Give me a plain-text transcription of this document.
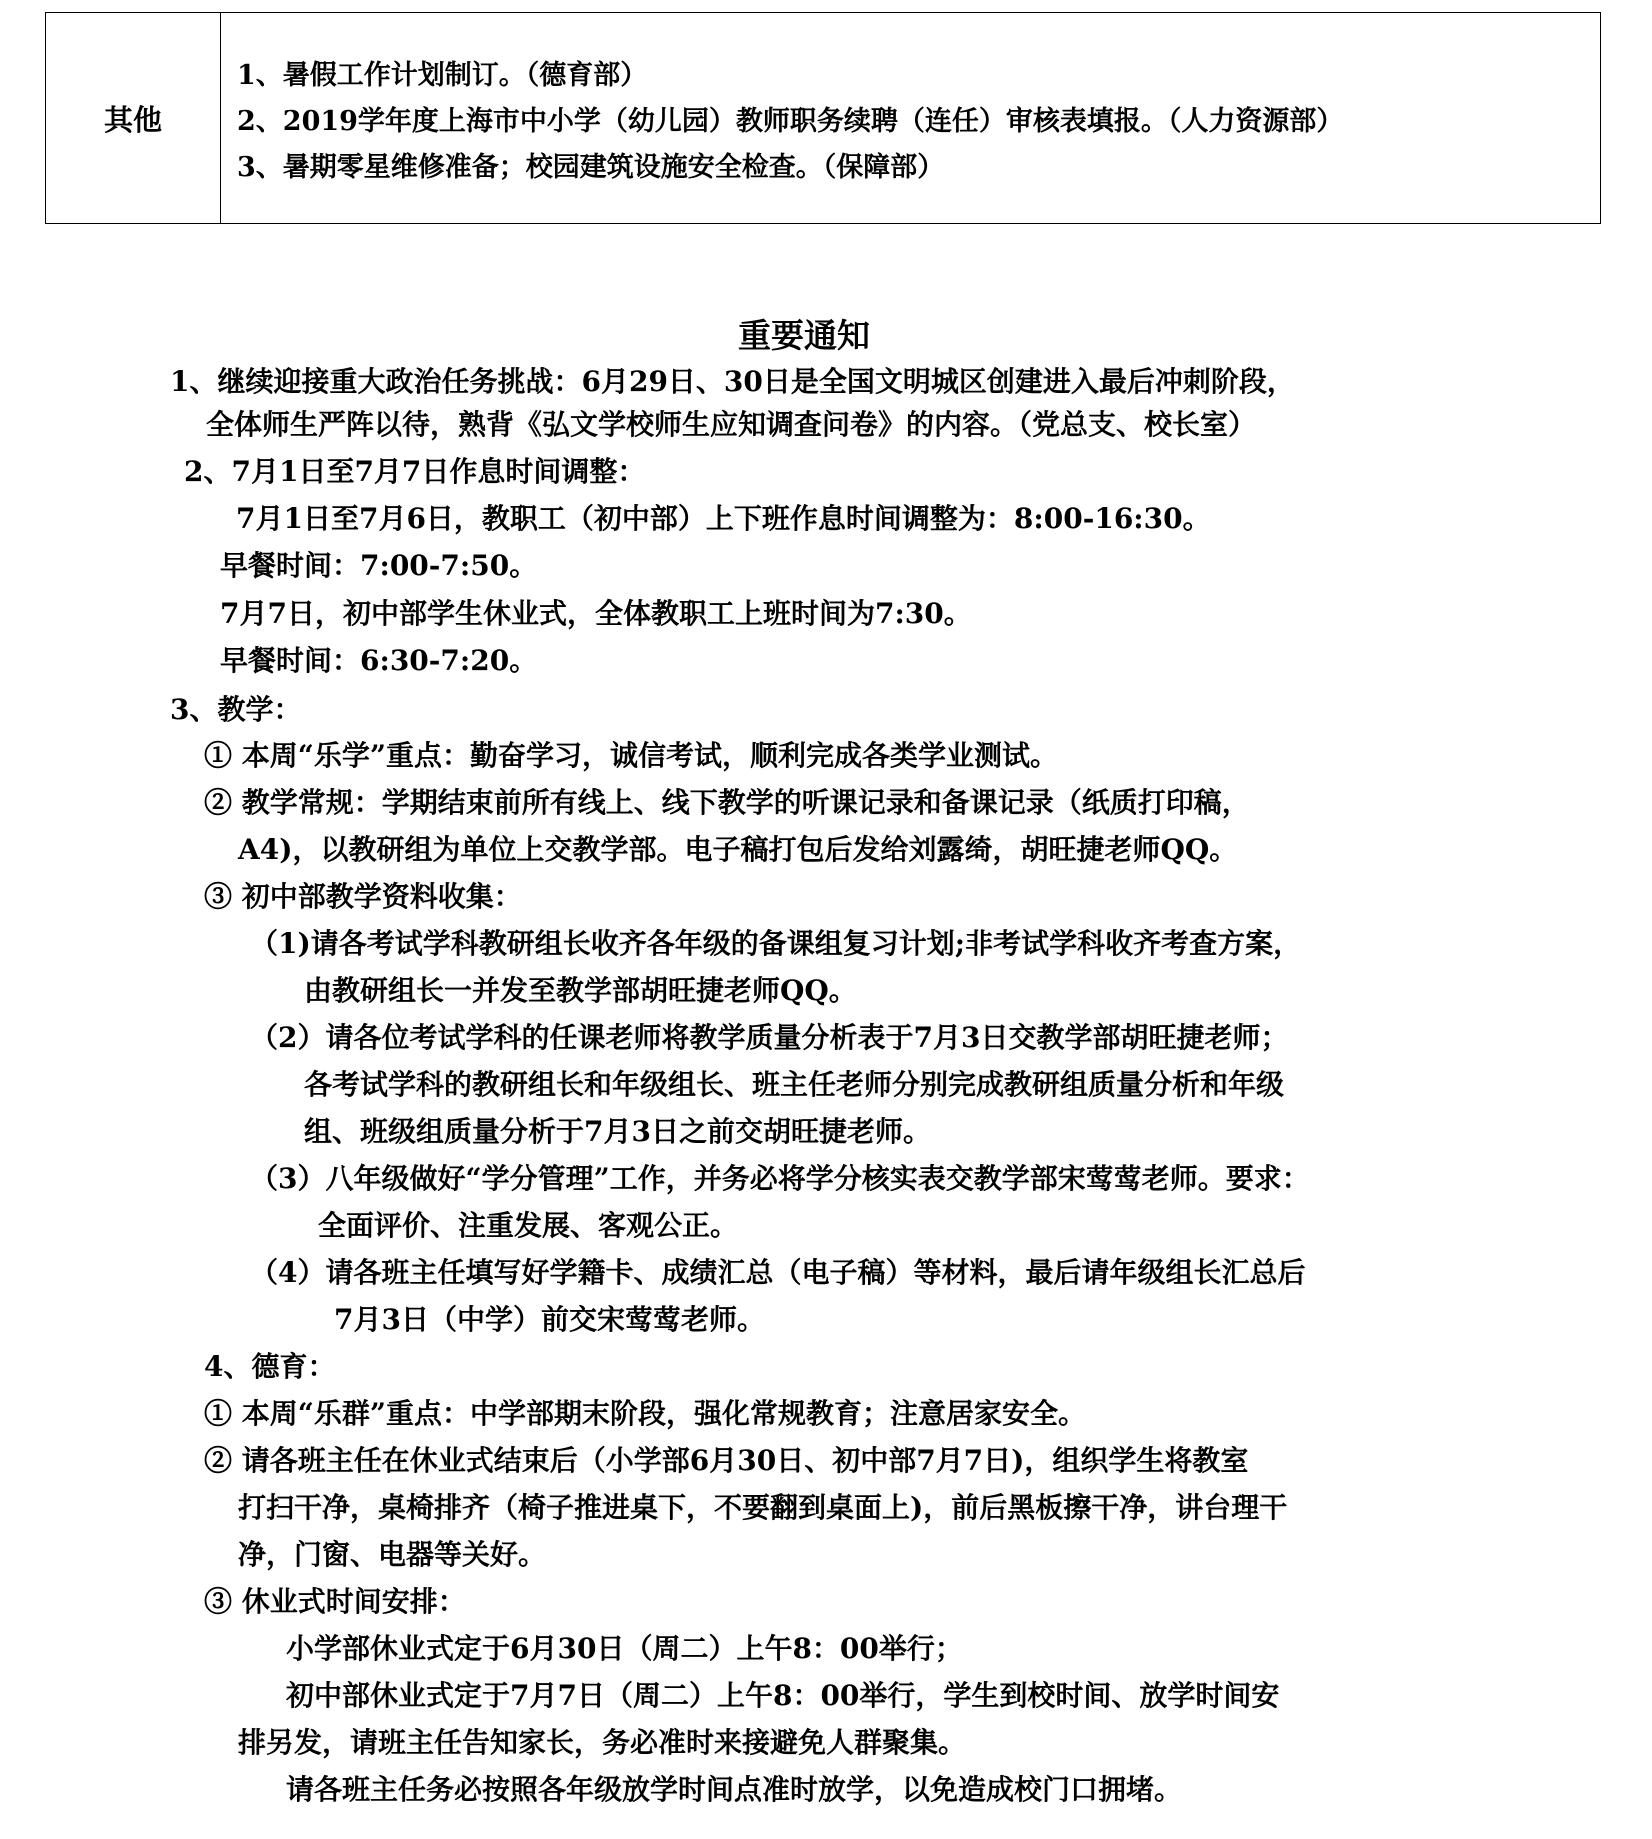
其他	
1、暑假工作计划制订。（德育部）
2、2019学年度上海市中小学（幼儿园）教师职务续聘（连任）审核表填报。（人力资源部）
3、暑期零星维修准备；校园建筑设施安全检查。（保障部）
重要通知
1、继续迎接重大政治任务挑战：6月29日、30日是全国文明城区创建进入最后冲刺阶段，
全体师生严阵以待，熟背《弘文学校师生应知调查问卷》的内容。（党总支、校长室）
2、7月1日至7月7日作息时间调整：
7月1日至7月6日，教职工（初中部）上下班作息时间调整为：8:00-16:30。
早餐时间：7:00-7:50。
7月7日，初中部学生休业式，全体教职工上班时间为7:30。
早餐时间：6:30-7:20。
3、教学：
① 本周“乐学”重点：勤奋学习，诚信考试，顺利完成各类学业测试。
② 教学常规：学期结束前所有线上、线下教学的听课记录和备课记录（纸质打印稿，
A4)，以教研组为单位上交教学部。电子稿打包后发给刘露绮，胡旺捷老师QQ。
③ 初中部教学资料收集：
（1)请各考试学科教研组长收齐各年级的备课组复习计划;非考试学科收齐考查方案，
由教研组长一并发至教学部胡旺捷老师QQ。
（2）请各位考试学科的任课老师将教学质量分析表于7月3日交教学部胡旺捷老师；
各考试学科的教研组长和年级组长、班主任老师分别完成教研组质量分析和年级
组、班级组质量分析于7月3日之前交胡旺捷老师。
（3）八年级做好“学分管理”工作，并务必将学分核实表交教学部宋莺莺老师。要求：
全面评价、注重发展、客观公正。
（4）请各班主任填写好学籍卡、成绩汇总（电子稿）等材料，最后请年级组长汇总后
7月3日（中学）前交宋莺莺老师。
4、德育：
① 本周“乐群”重点：中学部期末阶段，强化常规教育；注意居家安全。
② 请各班主任在休业式结束后（小学部6月30日、初中部7月7日)，组织学生将教室
打扫干净，桌椅排齐（椅子推进桌下，不要翻到桌面上)，前后黑板擦干净，讲台理干
净，门窗、电器等关好。
③ 休业式时间安排：
小学部休业式定于6月30日（周二）上午8：00举行；
初中部休业式定于7月7日（周二）上午8：00举行，学生到校时间、放学时间安
排另发，请班主任告知家长，务必准时来接避免人群聚集。
请各班主任务必按照各年级放学时间点准时放学，以免造成校门口拥堵。
